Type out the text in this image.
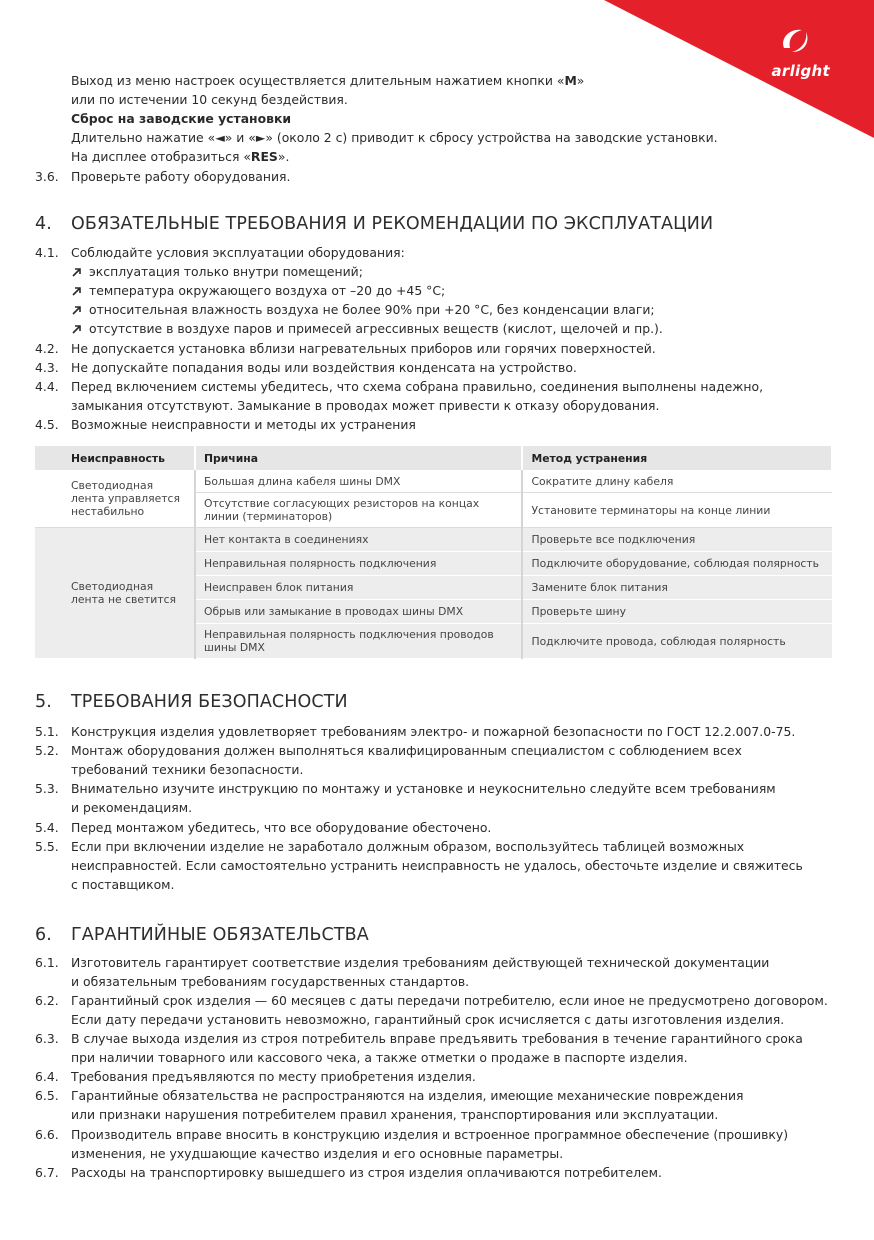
arlight
Выход из меню настроек осуществляется длительным нажатием кнопки «M»
или по истечении 10 секунд бездействия.
Сброс на заводские установки
Длительно нажатие «◄» и «►» (около 2 с) приводит к сбросу устройства на заводские установки.
На дисплее отобразиться «RES».
3.6. Проверьте работу оборудования.
4. ОБЯЗАТЕЛЬНЫЕ ТРЕБОВАНИЯ И РЕКОМЕНДАЦИИ ПО ЭКСПЛУАТАЦИИ
4.1. Соблюдайте условия эксплуатации оборудования:
эксплуатация только внутри помещений;
температура окружающего воздуха от –20 до +45 °C;
относительная влажность воздуха не более 90% при +20 °C, без конденсации влаги;
отсутствие в воздухе паров и примесей агрессивных веществ (кислот, щелочей и пр.).
4.2. Не допускается установка вблизи нагревательных приборов или горячих поверхностей.
4.3. Не допускайте попадания воды или воздействия конденсата на устройство.
4.4. Перед включением системы убедитесь, что схема собрана правильно, соединения выполнены надежно,
замыкания отсутствуют. Замыкание в проводах может привести к отказу оборудования.
4.5. Возможные неисправности и методы их устранения
Неисправность	Причина	Метод устранения
Светодиодная лента управляется нестабильно	Большая длина кабеля шины DMX	Сократите длину кабеля
	Отсутствие согласующих резисторов на концах линии (терминаторов)	Установите терминаторы на конце линии
Светодиодная лента не светится	Нет контакта в соединениях	Проверьте все подключения
	Неправильная полярность подключения	Подключите оборудование, соблюдая полярность
	Неисправен блок питания	Замените блок питания
	Обрыв или замыкание в проводах шины DMX	Проверьте шину
	Неправильная полярность подключения проводов шины DMX	Подключите провода, соблюдая полярность
5. ТРЕБОВАНИЯ БЕЗОПАСНОСТИ
5.1. Конструкция изделия удовлетворяет требованиям электро- и пожарной безопасности по ГОСТ 12.2.007.0-75.
5.2. Монтаж оборудования должен выполняться квалифицированным специалистом с соблюдением всех
требований техники безопасности.
5.3. Внимательно изучите инструкцию по монтажу и установке и неукоснительно следуйте всем требованиям
и рекомендациям.
5.4. Перед монтажом убедитесь, что все оборудование обесточено.
5.5. Если при включении изделие не заработало должным образом, воспользуйтесь таблицей возможных
неисправностей. Если самостоятельно устранить неисправность не удалось, обесточьте изделие и свяжитесь
с поставщиком.
6. ГАРАНТИЙНЫЕ ОБЯЗАТЕЛЬСТВА
6.1. Изготовитель гарантирует соответствие изделия требованиям действующей технической документации
и обязательным требованиям государственных стандартов.
6.2. Гарантийный срок изделия — 60 месяцев с даты передачи потребителю, если иное не предусмотрено договором.
Если дату передачи установить невозможно, гарантийный срок исчисляется с даты изготовления изделия.
6.3. В случае выхода изделия из строя потребитель вправе предъявить требования в течение гарантийного срока
при наличии товарного или кассового чека, а также отметки о продаже в паспорте изделия.
6.4. Требования предъявляются по месту приобретения изделия.
6.5. Гарантийные обязательства не распространяются на изделия, имеющие механические повреждения
или признаки нарушения потребителем правил хранения, транспортирования или эксплуатации.
6.6. Производитель вправе вносить в конструкцию изделия и встроенное программное обеспечение (прошивку)
изменения, не ухудшающие качество изделия и его основные параметры.
6.7. Расходы на транспортировку вышедшего из строя изделия оплачиваются потребителем.
